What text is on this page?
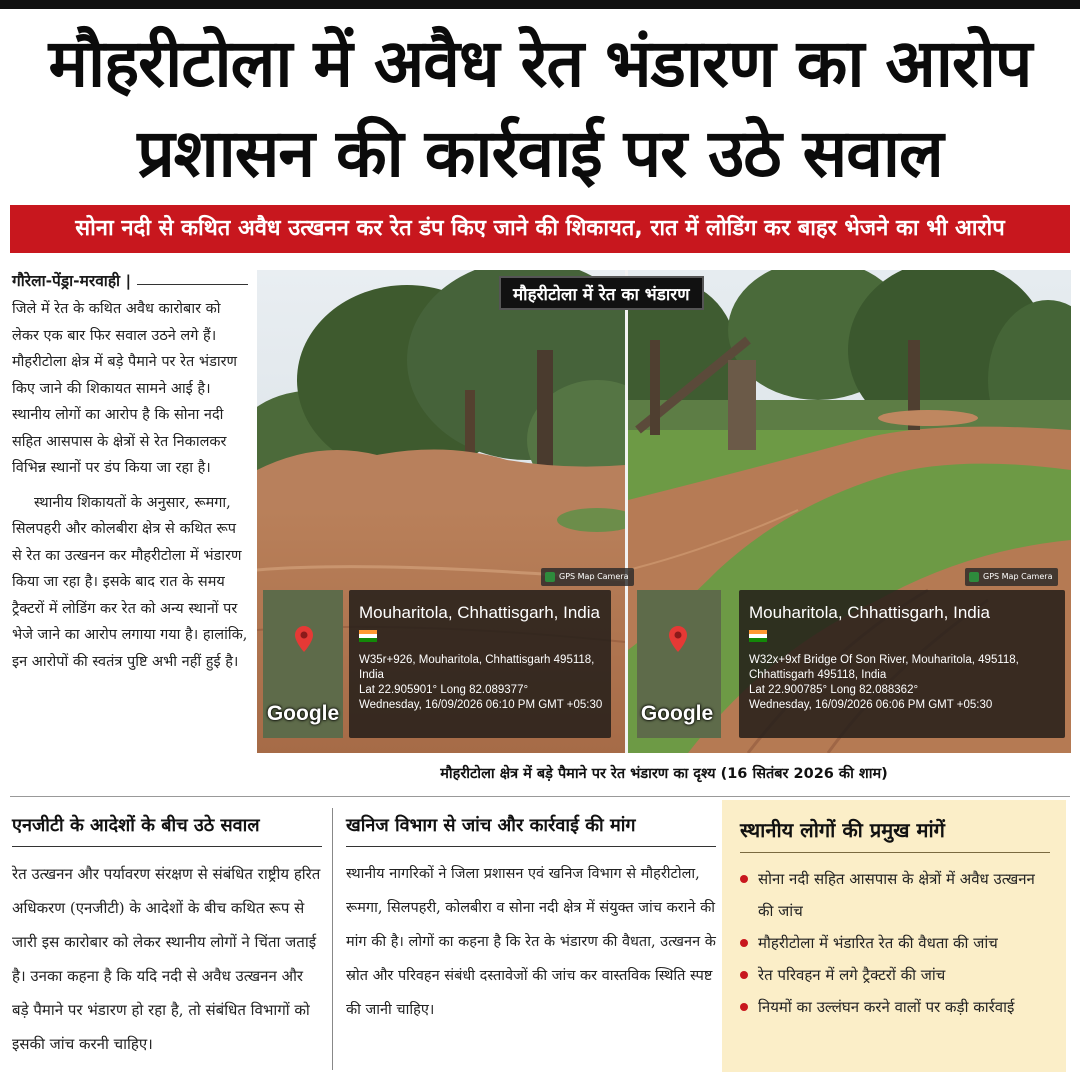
मौहरीटोला में अवैध रेत भंडारण का आरोप
प्रशासन की कार्रवाई पर उठे सवाल
सोना नदी से कथित अवैध उत्खनन कर रेत डंप किए जाने की शिकायत, रात में लोडिंग कर बाहर भेजने का भी आरोप
गौरेला-पेंड्रा-मरवाही |

जिले में रेत के कथित अवैध कारोबार को लेकर एक बार फिर सवाल उठने लगे हैं। मौहरीटोला क्षेत्र में बड़े पैमाने पर रेत भंडारण किए जाने की शिकायत सामने आई है। स्थानीय लोगों का आरोप है कि सोना नदी सहित आसपास के क्षेत्रों से रेत निकालकर विभिन्न स्थानों पर डंप किया जा रहा है।

स्थानीय शिकायतों के अनुसार, रूमगा, सिलपहरी और कोलबीरा क्षेत्र से कथित रूप से रेत का उत्खनन कर मौहरीटोला में भंडारण किया जा रहा है। इसके बाद रात के समय ट्रैक्टरों में लोडिंग कर रेत को अन्य स्थानों पर भेजे जाने का आरोप लगाया गया है। हालांकि, इन आरोपों की स्वतंत्र पुष्टि अभी नहीं हुई है।

मौहरीटोला में रेत का भंडारण
GPS Map Camera
Google
Mouharitola, Chhattisgarh, India
W35r+926, Mouharitola, Chhattisgarh 495118, India
Lat 22.905901° Long 82.089377°
Wednesday, 16/09/2026 06:10 PM GMT +05:30
GPS Map Camera
Google
Mouharitola, Chhattisgarh, India
W32x+9xf Bridge Of Son River, Mouharitola, 495118, Chhattisgarh 495118, India
Lat 22.900785° Long 82.088362°
Wednesday, 16/09/2026 06:06 PM GMT +05:30
मौहरीटोला क्षेत्र में बड़े पैमाने पर रेत भंडारण का दृश्य (16 सितंबर 2026 की शाम)
एनजीटी के आदेशों के बीच उठे सवाल

रेत उत्खनन और पर्यावरण संरक्षण से संबंधित राष्ट्रीय हरित अधिकरण (एनजीटी) के आदेशों के बीच कथित रूप से जारी इस कारोबार को लेकर स्थानीय लोगों ने चिंता जताई है। उनका कहना है कि यदि नदी से अवैध उत्खनन और बड़े पैमाने पर भंडारण हो रहा है, तो संबंधित विभागों को इसकी जांच करनी चाहिए।

खनिज विभाग से जांच और कार्रवाई की मांग

स्थानीय नागरिकों ने जिला प्रशासन एवं खनिज विभाग से मौहरीटोला, रूमगा, सिलपहरी, कोलबीरा व सोना नदी क्षेत्र में संयुक्त जांच कराने की मांग की है। लोगों का कहना है कि रेत के भंडारण की वैधता, उत्खनन के स्रोत और परिवहन संबंधी दस्तावेजों की जांच कर वास्तविक स्थिति स्पष्ट की जानी चाहिए।

स्थानीय लोगों की प्रमुख मांगें
सोना नदी सहित आसपास के क्षेत्रों में अवैध उत्खनन की जांच
मौहरीटोला में भंडारित रेत की वैधता की जांच
रेत परिवहन में लगे ट्रैक्टरों की जांच
नियमों का उल्लंघन करने वालों पर कड़ी कार्रवाई
